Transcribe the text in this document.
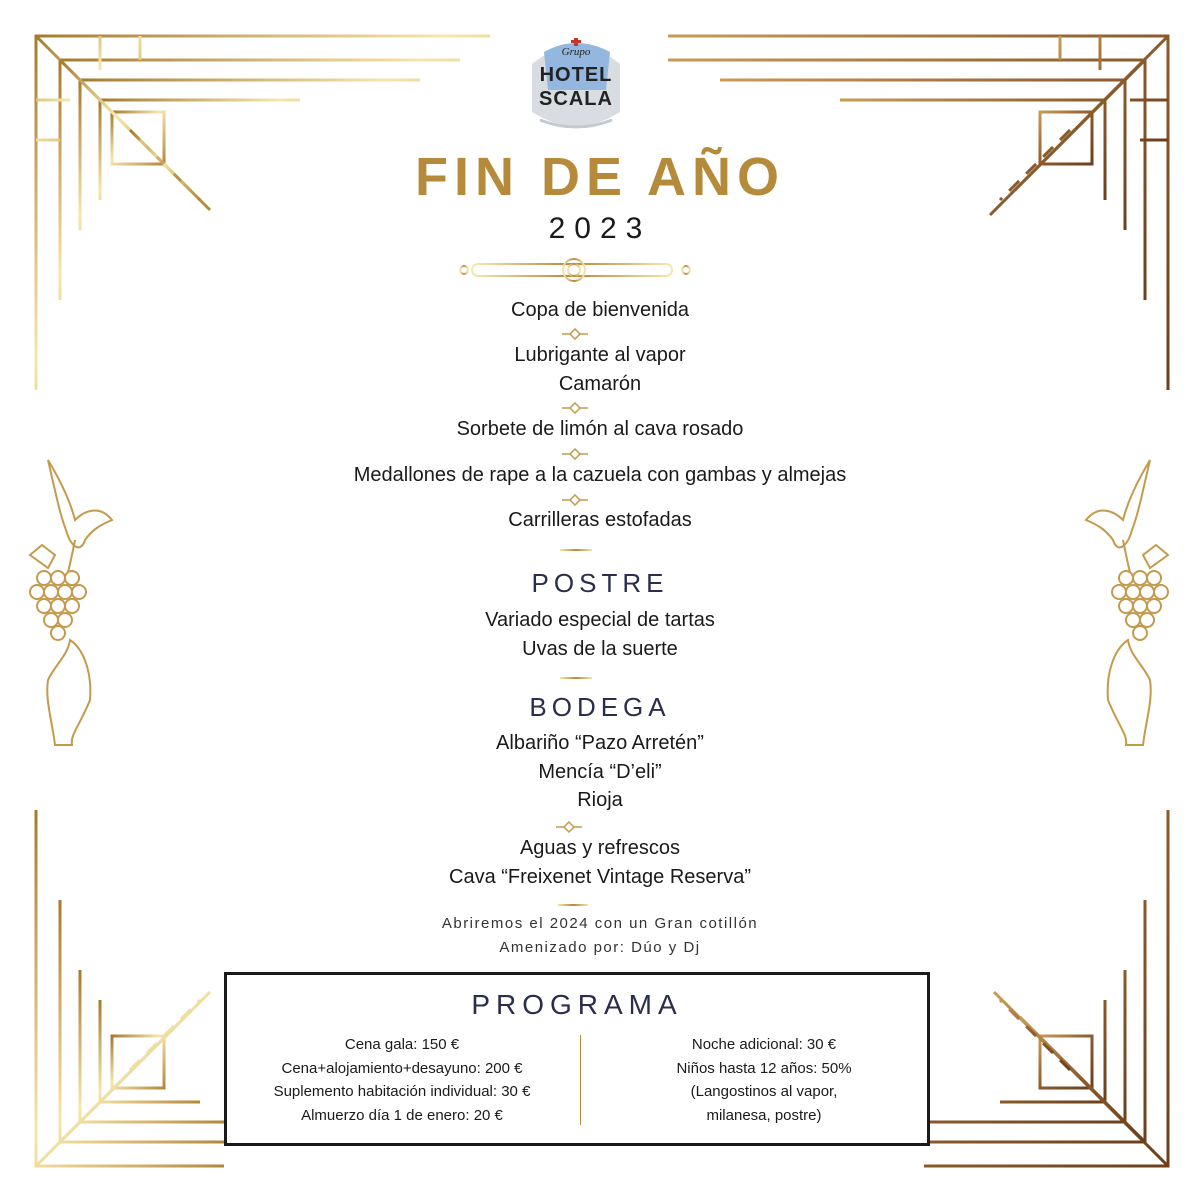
Grupo
HOTEL
SCALA
FIN DE AÑO
2023
Copa de bienvenida
Lubrigante al vapor
Camarón
Sorbete de limón al cava rosado
Medallones de rape a la cazuela con gambas y almejas
Carrilleras estofadas
POSTRE
Variado especial de tartas
Uvas de la suerte
BODEGA
Albariño “Pazo Arretén”
Mencía “D’eli”
Rioja
Aguas y refrescos
Cava “Freixenet Vintage Reserva”
Abriremos el 2024 con un Gran cotillón
Amenizado por: Dúo y Dj
PROGRAMA
Cena gala: 150 €
Cena+alojamiento+desayuno: 200 €
Suplemento habitación individual: 30 €
Almuerzo día 1 de enero: 20 €
Noche adicional: 30 €
Niños hasta 12 años: 50%
(Langostinos al vapor,
milanesa, postre)
